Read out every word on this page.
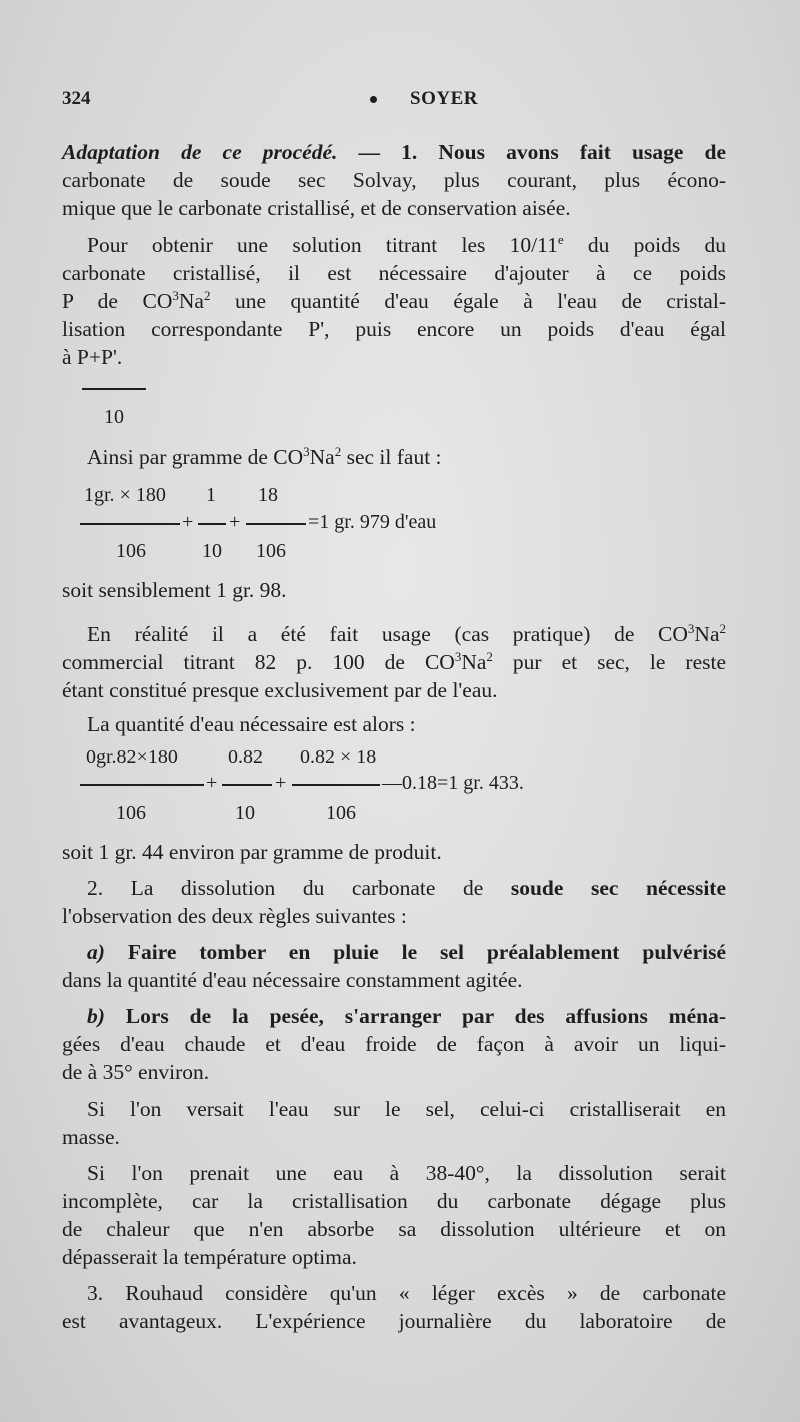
324	SOYER
Adaptation de ce procédé. — 1. Nous avons fait usage de
carbonate de soude sec Solvay, plus courant, plus écono-
mique que le carbonate cristallisé, et de conservation aisée.
Pour obtenir une solution titrant les 10/11e du poids du
carbonate cristallisé, il est nécessaire d'ajouter à ce poids
P de $CO^3Na^2$ une quantité d'eau égale à l'eau de cristal-
lisation correspondante P', puis encore un poids d'eau égal
à P+P'.
10
Ainsi par gramme de $CO^3Na^2$ sec il faut :
1gr. × 180 1 18
+ +	=1 gr. 979 d'eau
106	10 106
soit sensiblement 1 gr. 98.
En réalité il a été fait usage (cas pratique) de $CO^3Na^2$
commercial titrant 82 p. 100 de $CO^3Na^2$ pur et sec, le reste
étant constitué presque exclusivement par de l'eau.
La quantité d'eau nécessaire est alors :
0gr.82×180	0.82 0.82 × 18
+	+	—0.18=1 gr. 433.
106	10	106
soit 1 gr. 44 environ par gramme de produit.
2. La dissolution du carbonate de soude sec nécessite
l'observation des deux règles suivantes :
a) Faire tomber en pluie le sel préalablement pulvérisé
dans la quantité d'eau nécessaire constamment agitée.
b) Lors de la pesée, s'arranger par des affusions ména-
gées d'eau chaude et d'eau froide de façon à avoir un liqui-
de à 35° environ.
Si l'on versait l'eau sur le sel, celui-ci cristalliserait en
masse.
Si l'on prenait une eau à 38-40°, la dissolution serait
incomplète, car la cristallisation du carbonate dégage plus
de chaleur que n'en absorbe sa dissolution ultérieure et on
dépasserait la température optima.
3. Rouhaud considère qu'un « léger excès » de carbonate
est avantageux. L'expérience journalière du laboratoire de
